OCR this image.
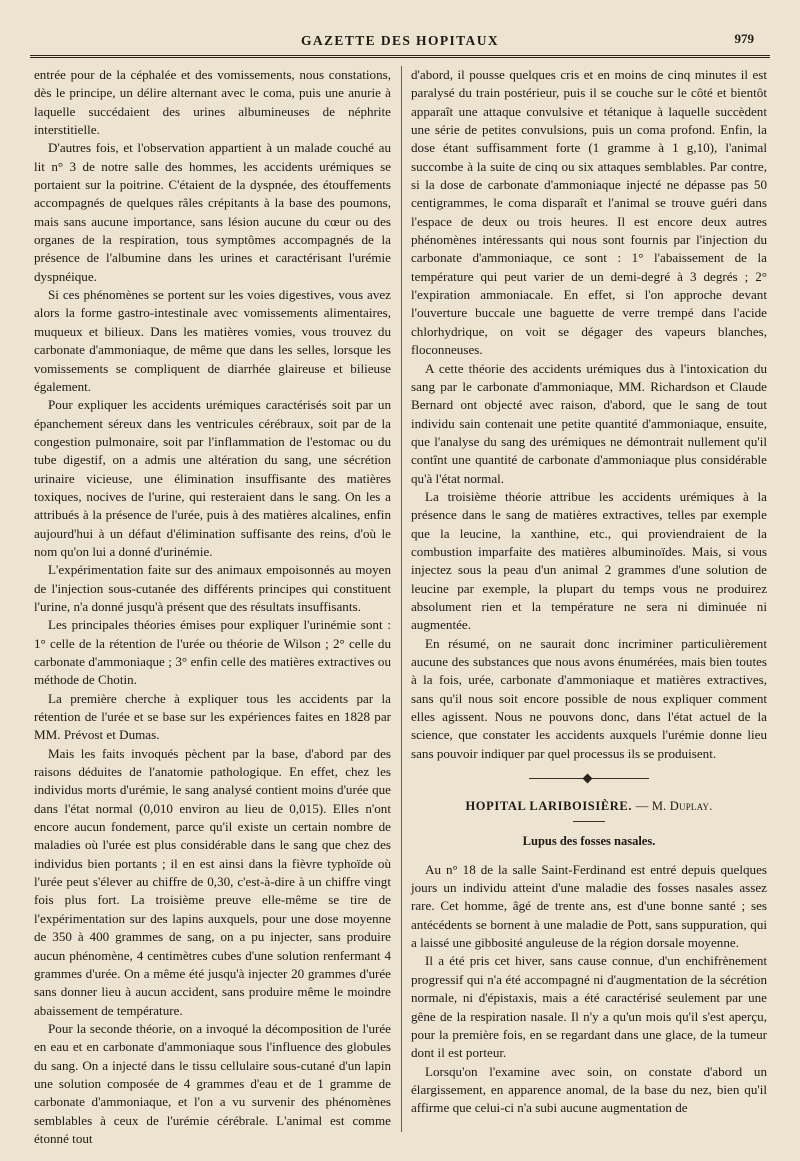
GAZETTE DES HOPITAUX	979

entrée pour de la céphalée et des vomissements, nous constations, dès le principe, un délire alternant avec le coma, puis une anurie à laquelle succédaient des urines albumineuses de néphrite interstitielle.

D'autres fois, et l'observation appartient à un malade couché au lit n° 3 de notre salle des hommes, les accidents urémiques se portaient sur la poitrine. C'étaient de la dyspnée, des étouffements accompagnés de quelques râles crépitants à la base des poumons, mais sans aucune importance, sans lésion aucune du cœur ou des organes de la respiration, tous symptômes accompagnés de la présence de l'albumine dans les urines et caractérisant l'urémie dyspnéique.

Si ces phénomènes se portent sur les voies digestives, vous avez alors la forme gastro-intestinale avec vomissements alimentaires, muqueux et bilieux. Dans les matières vomies, vous trouvez du carbonate d'ammoniaque, de même que dans les selles, lorsque les vomissements se compliquent de diarrhée glaireuse et bilieuse également.

Pour expliquer les accidents urémiques caractérisés soit par un épanchement séreux dans les ventricules cérébraux, soit par de la congestion pulmonaire, soit par l'inflammation de l'estomac ou du tube digestif, on a admis une altération du sang, une sécrétion urinaire vicieuse, une élimination insuffisante des matières toxiques, nocives de l'urine, qui resteraient dans le sang. On les a attribués à la présence de l'urée, puis à des matières alcalines, enfin aujourd'hui à un défaut d'élimination suffisante des reins, d'où le nom qu'on lui a donné d'urinémie.

L'expérimentation faite sur des animaux empoisonnés au moyen de l'injection sous-cutanée des différents principes qui constituent l'urine, n'a donné jusqu'à présent que des résultats insuffisants.

Les principales théories émises pour expliquer l'urinémie sont : 1° celle de la rétention de l'urée ou théorie de Wilson ; 2° celle du carbonate d'ammoniaque ; 3° enfin celle des matières extractives ou méthode de Chotin.

La première cherche à expliquer tous les accidents par la rétention de l'urée et se base sur les expériences faites en 1828 par MM. Prévost et Dumas.

Mais les faits invoqués pèchent par la base, d'abord par des raisons déduites de l'anatomie pathologique. En effet, chez les individus morts d'urémie, le sang analysé contient moins d'urée que dans l'état normal (0,010 environ au lieu de 0,015). Elles n'ont encore aucun fondement, parce qu'il existe un certain nombre de maladies où l'urée est plus considérable dans le sang que chez des individus bien portants ; il en est ainsi dans la fièvre typhoïde où l'urée peut s'élever au chiffre de 0,30, c'est-à-dire à un chiffre vingt fois plus fort. La troisième preuve elle-même se tire de l'expérimentation sur des lapins auxquels, pour une dose moyenne de 350 à 400 grammes de sang, on a pu injecter, sans produire aucun phénomène, 4 centimètres cubes d'une solution renfermant 4 grammes d'urée. On a même été jusqu'à injecter 20 grammes d'urée sans donner lieu à aucun accident, sans produire même le moindre abaissement de température.

Pour la seconde théorie, on a invoqué la décomposition de l'urée en eau et en carbonate d'ammoniaque sous l'influence des globules du sang. On a injecté dans le tissu cellulaire sous-cutané d'un lapin une solution composée de 4 grammes d'eau et de 1 gramme de carbonate d'ammoniaque, et l'on a vu survenir des phénomènes semblables à ceux de l'urémie cérébrale. L'animal est comme étonné tout

d'abord, il pousse quelques cris et en moins de cinq minutes il est paralysé du train postérieur, puis il se couche sur le côté et bientôt apparaît une attaque convulsive et tétanique à laquelle succèdent une série de petites convulsions, puis un coma profond. Enfin, la dose étant suffisamment forte (1 gramme à 1 g,10), l'animal succombe à la suite de cinq ou six attaques semblables. Par contre, si la dose de carbonate d'ammoniaque injecté ne dépasse pas 50 centigrammes, le coma disparaît et l'animal se trouve guéri dans l'espace de deux ou trois heures. Il est encore deux autres phénomènes intéressants qui nous sont fournis par l'injection du carbonate d'ammoniaque, ce sont : 1° l'abaissement de la température qui peut varier de un demi-degré à 3 degrés ; 2° l'expiration ammoniacale. En effet, si l'on approche devant l'ouverture buccale une baguette de verre trempé dans l'acide chlorhydrique, on voit se dégager des vapeurs blanches, floconneuses.

A cette théorie des accidents urémiques dus à l'intoxication du sang par le carbonate d'ammoniaque, MM. Richardson et Claude Bernard ont objecté avec raison, d'abord, que le sang de tout individu sain contenait une petite quantité d'ammoniaque, ensuite, que l'analyse du sang des urémiques ne démontrait nullement qu'il contînt une quantité de carbonate d'ammoniaque plus considérable qu'à l'état normal.

La troisième théorie attribue les accidents urémiques à la présence dans le sang de matières extractives, telles par exemple que la leucine, la xanthine, etc., qui proviendraient de la combustion imparfaite des matières albuminoïdes. Mais, si vous injectez sous la peau d'un animal 2 grammes d'une solution de leucine par exemple, la plupart du temps vous ne produirez absolument rien et la température ne sera ni diminuée ni augmentée.

En résumé, on ne saurait donc incriminer particulièrement aucune des substances que nous avons énumérées, mais bien toutes à la fois, urée, carbonate d'ammoniaque et matières extractives, sans qu'il nous soit encore possible de nous expliquer comment elles agissent. Nous ne pouvons donc, dans l'état actuel de la science, que constater les accidents auxquels l'urémie donne lieu sans pouvoir indiquer par quel processus ils se produisent.

HOPITAL LARIBOISIÈRE. — M. Duplay.
Lupus des fosses nasales.

Au n° 18 de la salle Saint-Ferdinand est entré depuis quelques jours un individu atteint d'une maladie des fosses nasales assez rare. Cet homme, âgé de trente ans, est d'une bonne santé ; ses antécédents se bornent à une maladie de Pott, sans suppuration, qui a laissé une gibbosité anguleuse de la région dorsale moyenne.

Il a été pris cet hiver, sans cause connue, d'un enchifrènement progressif qui n'a été accompagné ni d'augmentation de la sécrétion normale, ni d'épistaxis, mais a été caractérisé seulement par une gêne de la respiration nasale. Il n'y a qu'un mois qu'il s'est aperçu, pour la première fois, en se regardant dans une glace, de la tumeur dont il est porteur.

Lorsqu'on l'examine avec soin, on constate d'abord un élargissement, en apparence anomal, de la base du nez, bien qu'il affirme que celui-ci n'a subi aucune augmentation de
